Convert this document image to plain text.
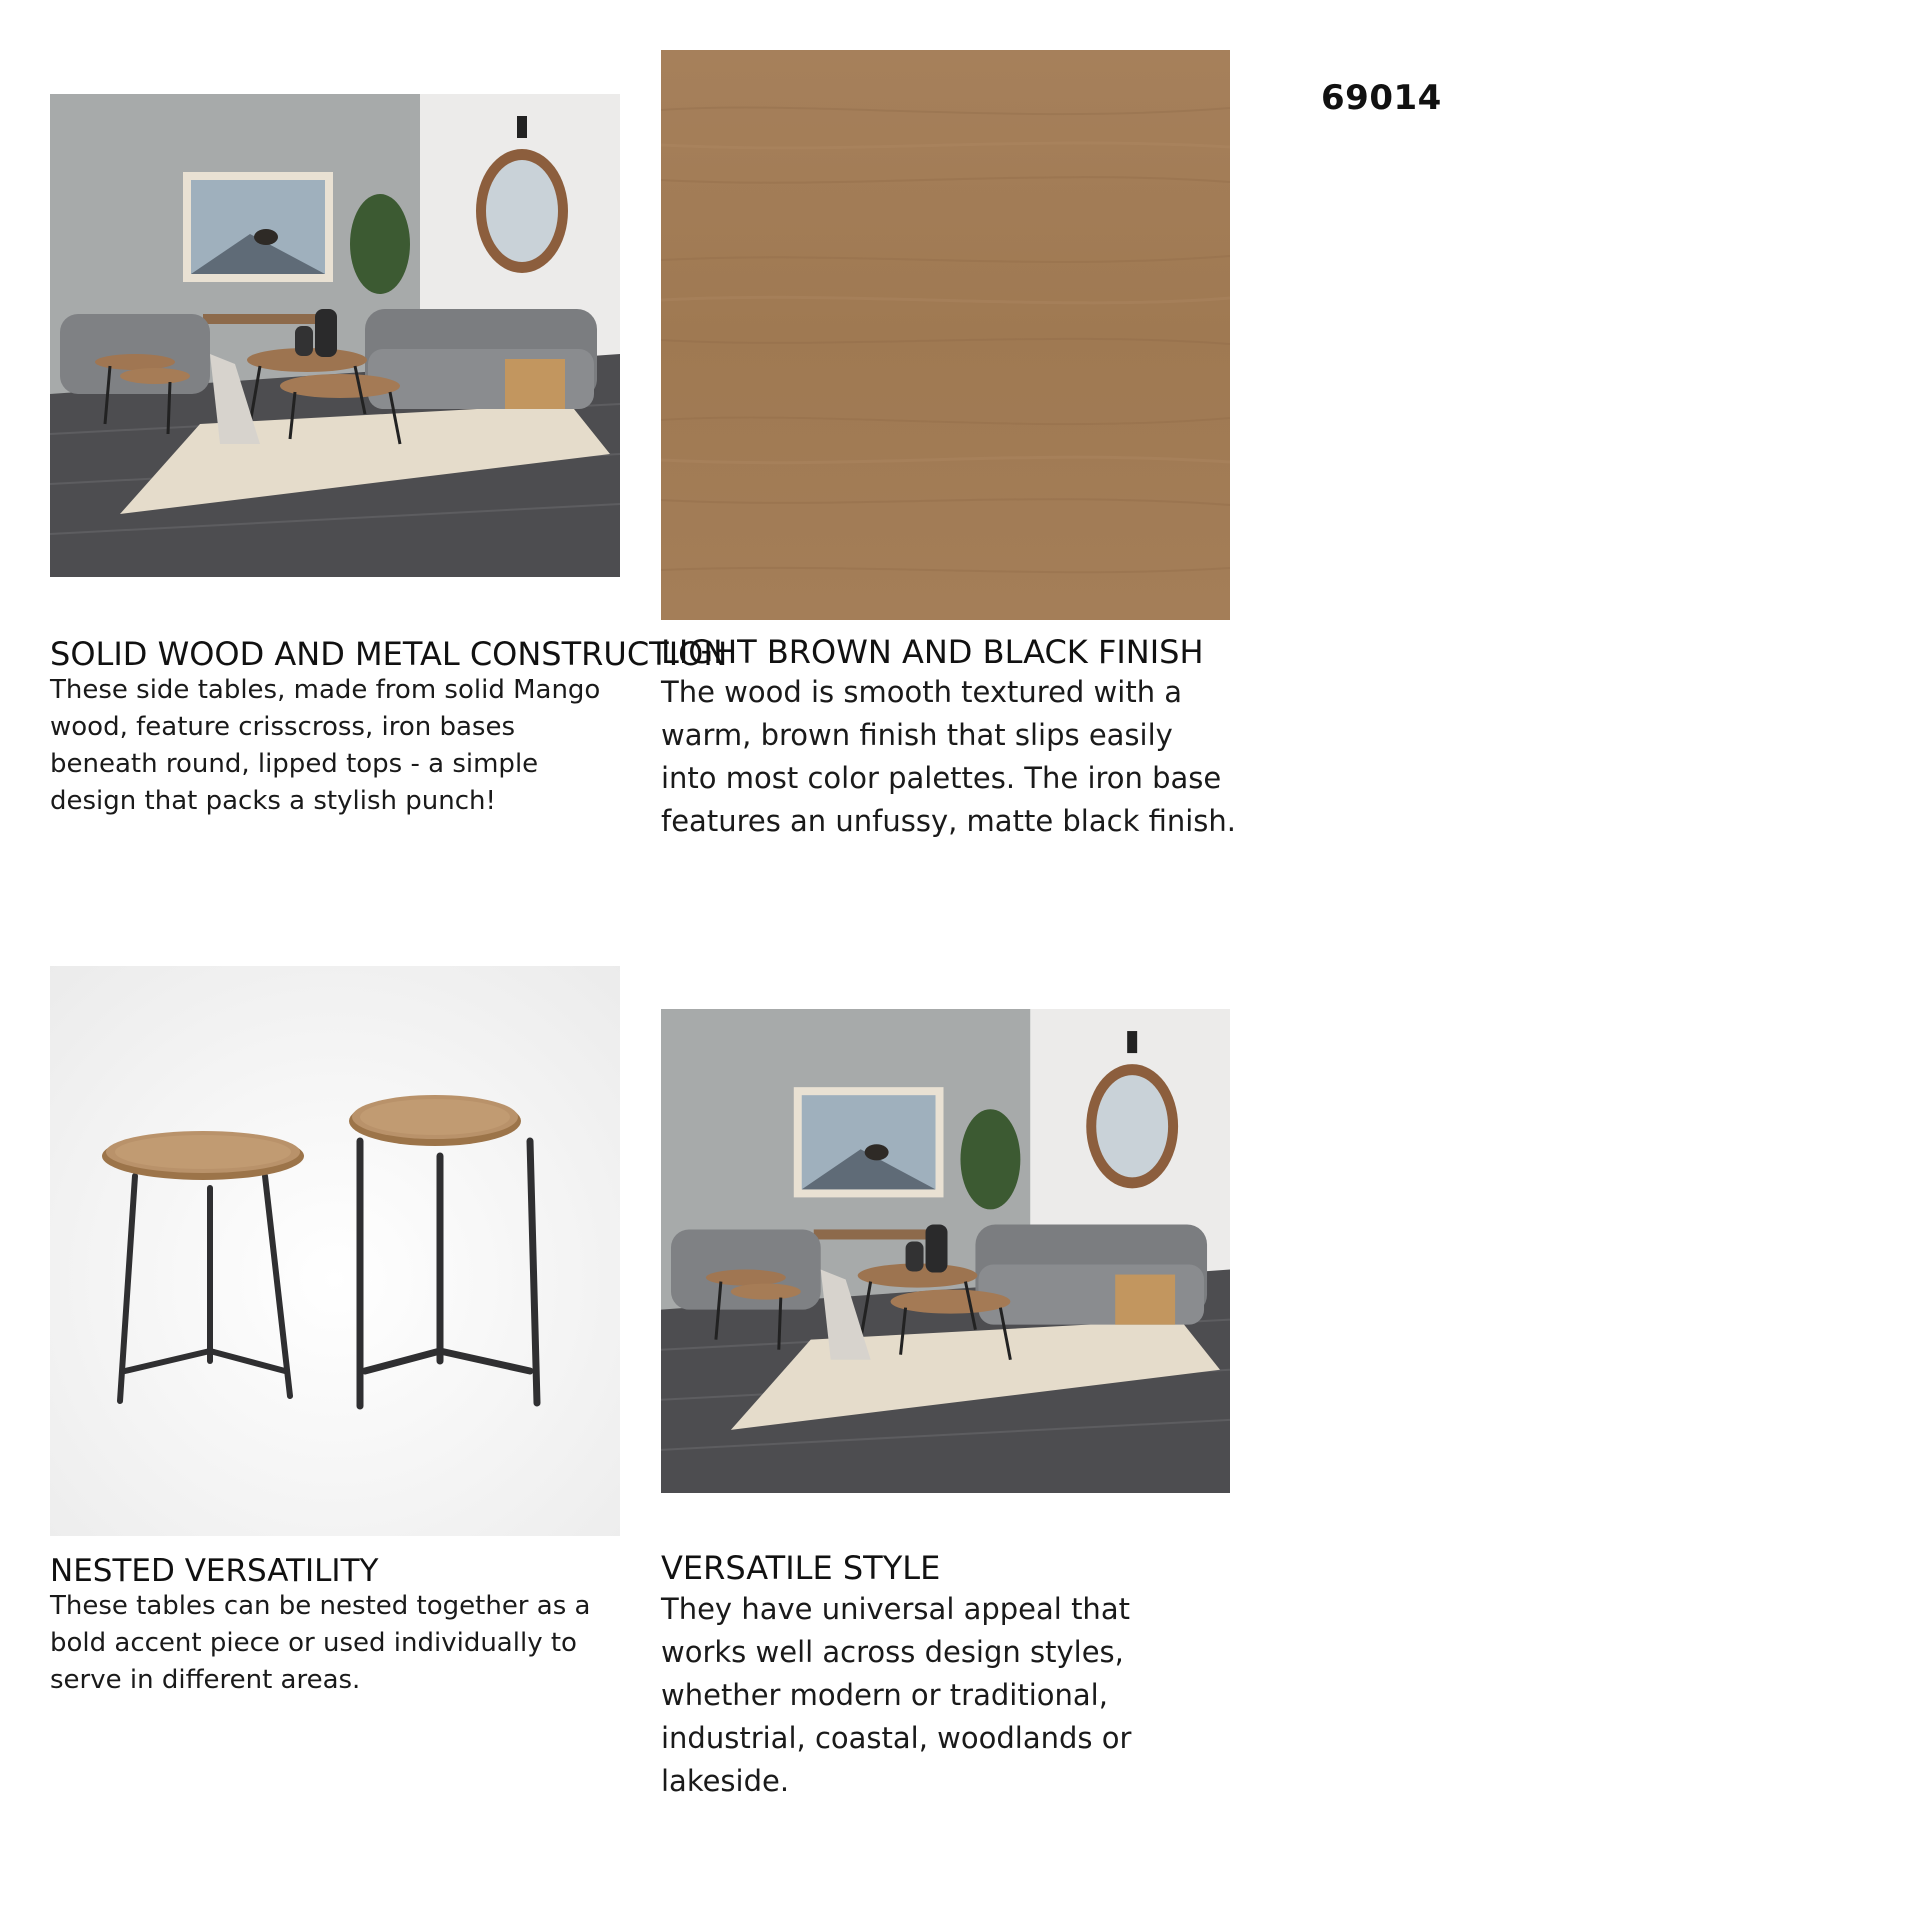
69014
SOLID WOOD AND METAL CONSTRUCTION
These side tables, made from solid Mango wood, feature crisscross, iron bases beneath round, lipped tops - a simple design that packs a stylish punch!
LIGHT BROWN AND BLACK FINISH
The wood is smooth textured with a warm, brown finish that slips easily into most color palettes. The iron base features an unfussy, matte black finish.
NESTED VERSATILITY
These tables can be nested together as a bold accent piece or used individually to serve in different areas.
VERSATILE STYLE
They have universal appeal that works well across design styles, whether modern or traditional, industrial, coastal, woodlands or lakeside.
